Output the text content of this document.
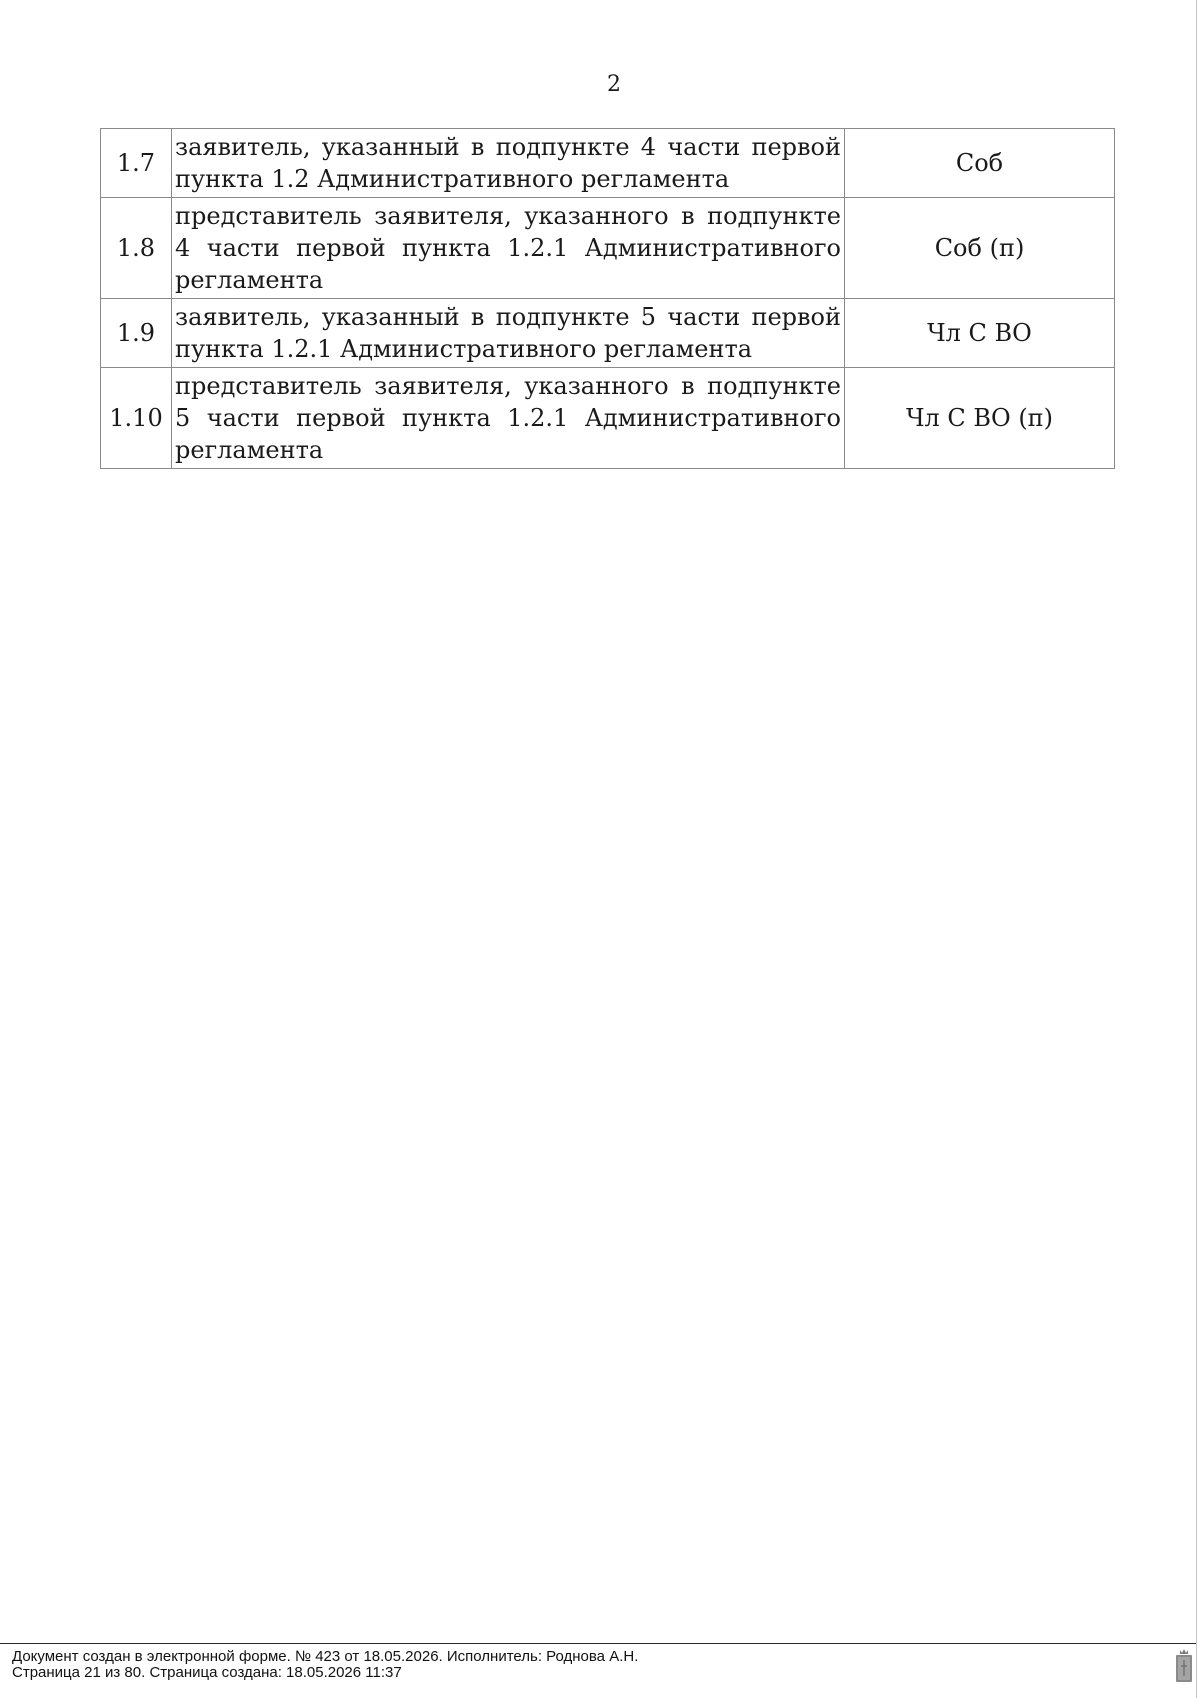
2
1.7	заявитель, указанный в подпункте 4 части первой пункта 1.2 Административного регламента	Соб
1.8	представитель заявителя, указанного в подпункте 4 части первой пункта 1.2.1 Административного регламента	Соб (п)
1.9	заявитель, указанный в подпункте 5 части первой пункта 1.2.1 Административного регламента	Чл С ВО
1.10	представитель заявителя, указанного в подпункте 5 части первой пункта 1.2.1 Административного регламента	Чл С ВО (п)
Документ создан в электронной форме. № 423 от 18.05.2026. Исполнитель: Роднова А.Н.
Страница 21 из 80. Страница создана: 18.05.2026 11:37
